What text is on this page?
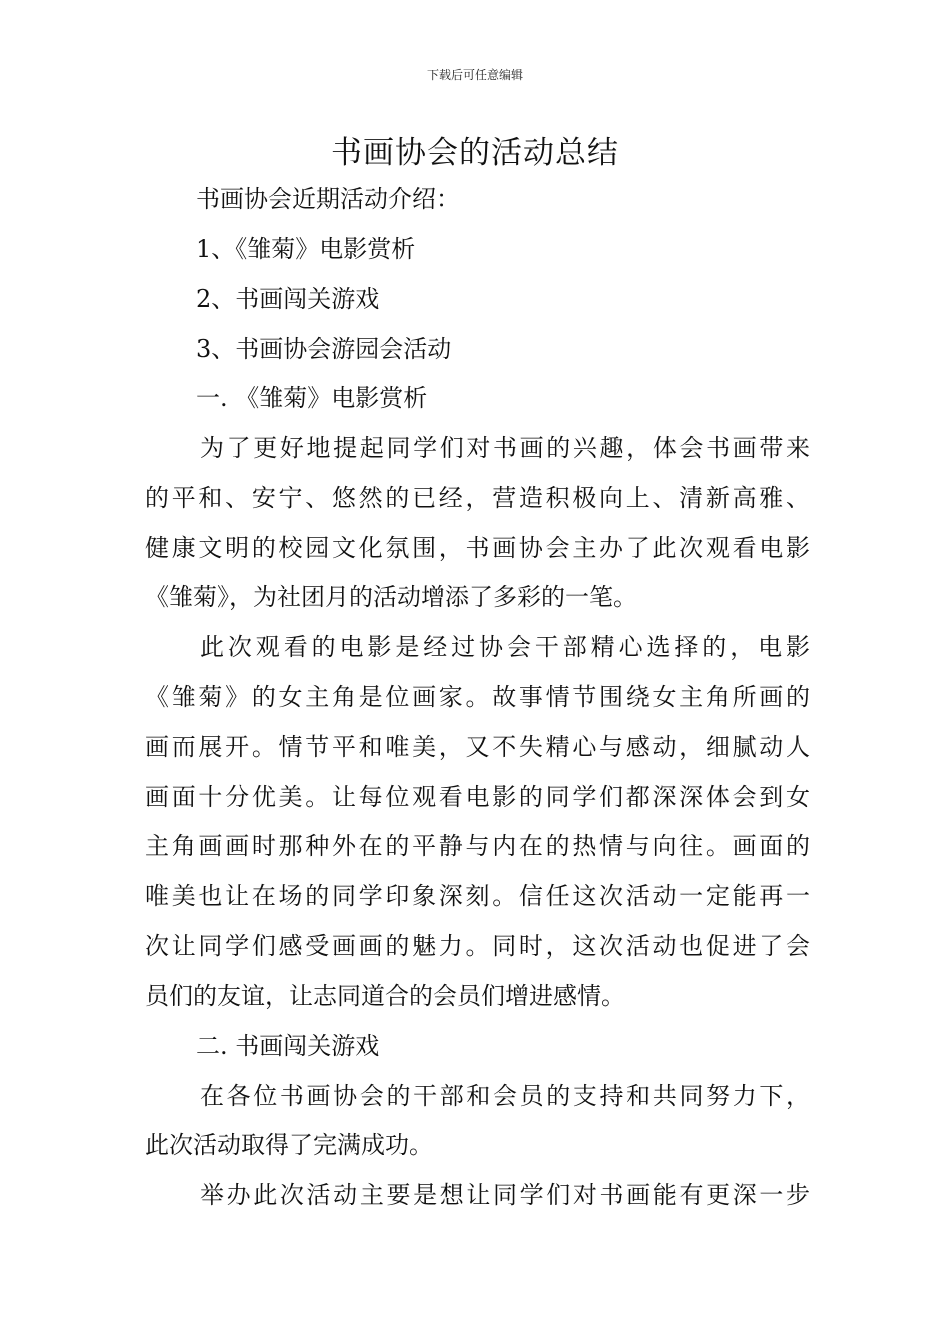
下载后可任意编辑
书画协会的活动总结
书画协会近期活动介绍：
1、《雏菊》电影赏析
2、书画闯关游戏
3、书画协会游园会活动
一. 《雏菊》电影赏析
为了更好地提起同学们对书画的兴趣，体会书画带来
的平和、安宁、悠然的已经，营造积极向上、清新高雅、
健康文明的校园文化氛围，书画协会主办了此次观看电影
《雏菊》，为社团月的活动增添了多彩的一笔。
此次观看的电影是经过协会干部精心选择的，电影
《雏菊》的女主角是位画家。故事情节围绕女主角所画的
画而展开。情节平和唯美，又不失精心与感动，细腻动人
画面十分优美。让每位观看电影的同学们都深深体会到女
主角画画时那种外在的平静与内在的热情与向往。画面的
唯美也让在场的同学印象深刻。信任这次活动一定能再一
次让同学们感受画画的魅力。同时，这次活动也促进了会
员们的友谊，让志同道合的会员们增进感情。
二. 书画闯关游戏
在各位书画协会的干部和会员的支持和共同努力下，
此次活动取得了完满成功。
举办此次活动主要是想让同学们对书画能有更深一步
